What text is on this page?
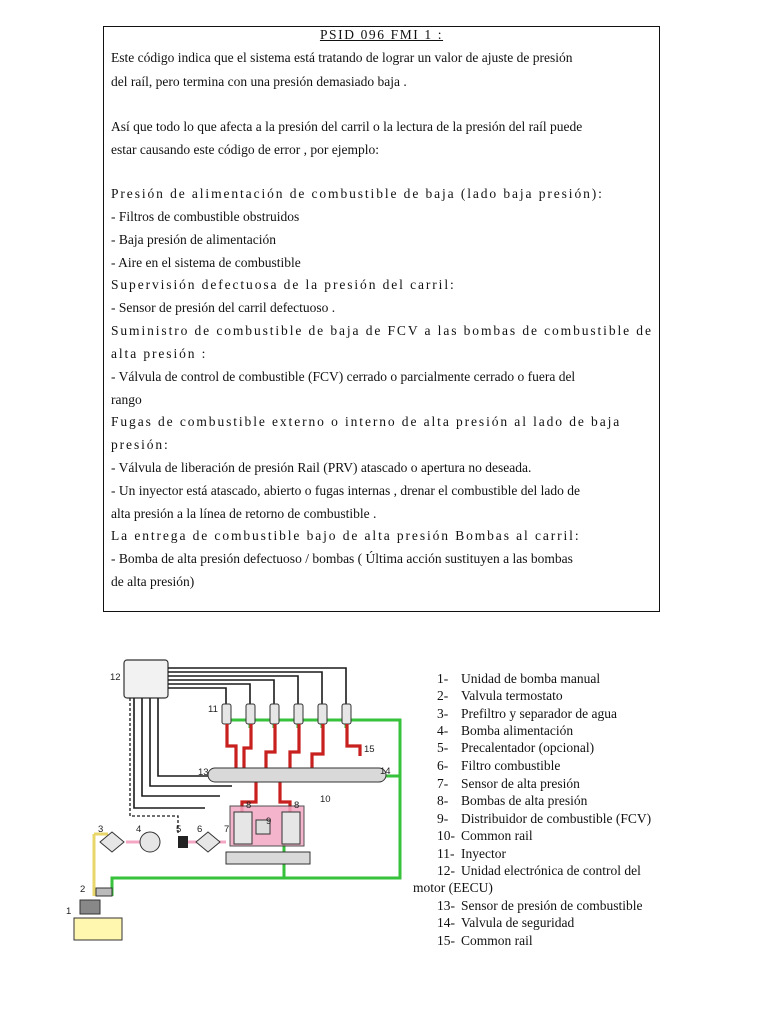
PSID 096 FMI 1 :
Este código indica que el sistema está tratando de lograr un valor de ajuste de presión
del raíl, pero termina con una presión demasiado baja .
Así que todo lo que afecta a la presión del carril o la lectura de la presión del raíl puede
estar causando este código de error , por ejemplo:
Presión de alimentación de combustible de baja (lado baja presión):
- Filtros de combustible obstruidos
- Baja presión de alimentación
- Aire en el sistema de combustible
Supervisión defectuosa de la presión del carril:
- Sensor de presión del carril defectuoso .
Suministro de combustible de baja de FCV a las bombas de combustible de
alta presión :
- Válvula de control de combustible (FCV) cerrado o parcialmente cerrado o fuera del
rango
Fugas de combustible externo o interno de alta presión al lado de baja
presión:
- Válvula de liberación de presión Rail (PRV) atascado o apertura no deseada.
- Un inyector está atascado, abierto o fugas internas , drenar el combustible del lado de
alta presión a la línea de retorno de combustible .
La entrega de combustible bajo de alta presión Bombas al carril:
- Bomba de alta presión defectuoso / bombas ( Última acción sustituyen a las bombas
de alta presión)
12
11
15
13	14
10
8	8
9
7
6
5
4
3
2
1
1- Unidad de bomba manual
2- Valvula termostato
3- Prefiltro y separador de agua
4- Bomba alimentación
5- Precalentador (opcional)
6- Filtro combustible
7- Sensor de alta presión
8- Bombas de alta presión
9- Distribuidor de combustible (FCV)
10- Common rail
11- Inyector
12- Unidad electrónica de control del
motor (EECU)
13- Sensor de presión de combustible
14- Valvula de seguridad
15- Common rail
